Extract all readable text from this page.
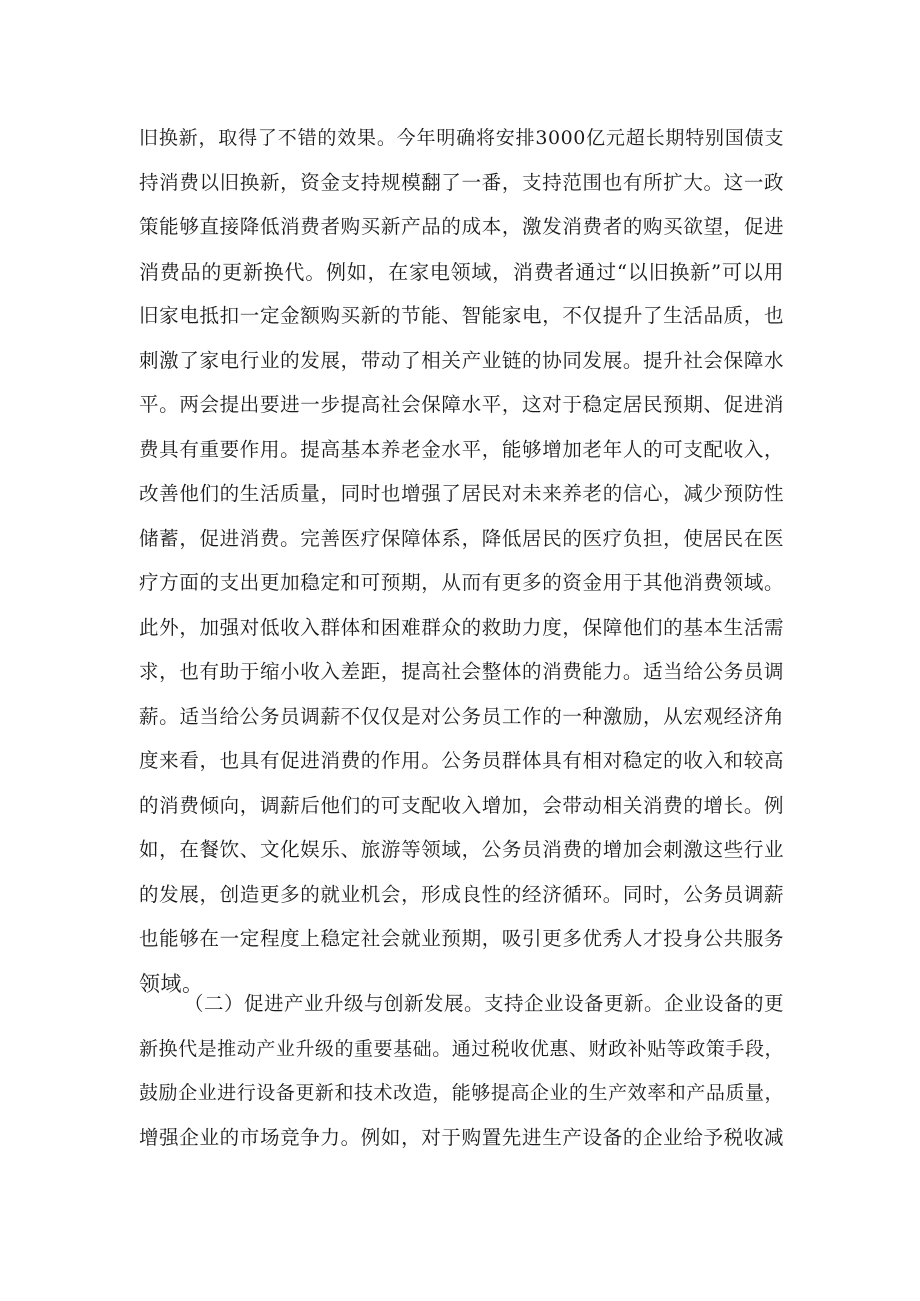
旧换新，取得了不错的效果。今年明确将安排3000亿元超长期特别国债支
持消费以旧换新，资金支持规模翻了一番，支持范围也有所扩大。这一政
策能够直接降低消费者购买新产品的成本，激发消费者的购买欲望，促进
消费品的更新换代。例如，在家电领域，消费者通过“以旧换新”可以用
旧家电抵扣一定金额购买新的节能、智能家电，不仅提升了生活品质，也
刺激了家电行业的发展，带动了相关产业链的协同发展。提升社会保障水
平。两会提出要进一步提高社会保障水平，这对于稳定居民预期、促进消
费具有重要作用。提高基本养老金水平，能够增加老年人的可支配收入，
改善他们的生活质量，同时也增强了居民对未来养老的信心，减少预防性
储蓄，促进消费。完善医疗保障体系，降低居民的医疗负担，使居民在医
疗方面的支出更加稳定和可预期，从而有更多的资金用于其他消费领域。
此外，加强对低收入群体和困难群众的救助力度，保障他们的基本生活需
求，也有助于缩小收入差距，提高社会整体的消费能力。适当给公务员调
薪。适当给公务员调薪不仅仅是对公务员工作的一种激励，从宏观经济角
度来看，也具有促进消费的作用。公务员群体具有相对稳定的收入和较高
的消费倾向，调薪后他们的可支配收入增加，会带动相关消费的增长。例
如，在餐饮、文化娱乐、旅游等领域，公务员消费的增加会刺激这些行业
的发展，创造更多的就业机会，形成良性的经济循环。同时，公务员调薪
也能够在一定程度上稳定社会就业预期，吸引更多优秀人才投身公共服务
领域。
（二）促进产业升级与创新发展。支持企业设备更新。企业设备的更
新换代是推动产业升级的重要基础。通过税收优惠、财政补贴等政策手段，
鼓励企业进行设备更新和技术改造，能够提高企业的生产效率和产品质量，
增强企业的市场竞争力。例如，对于购置先进生产设备的企业给予税收减
